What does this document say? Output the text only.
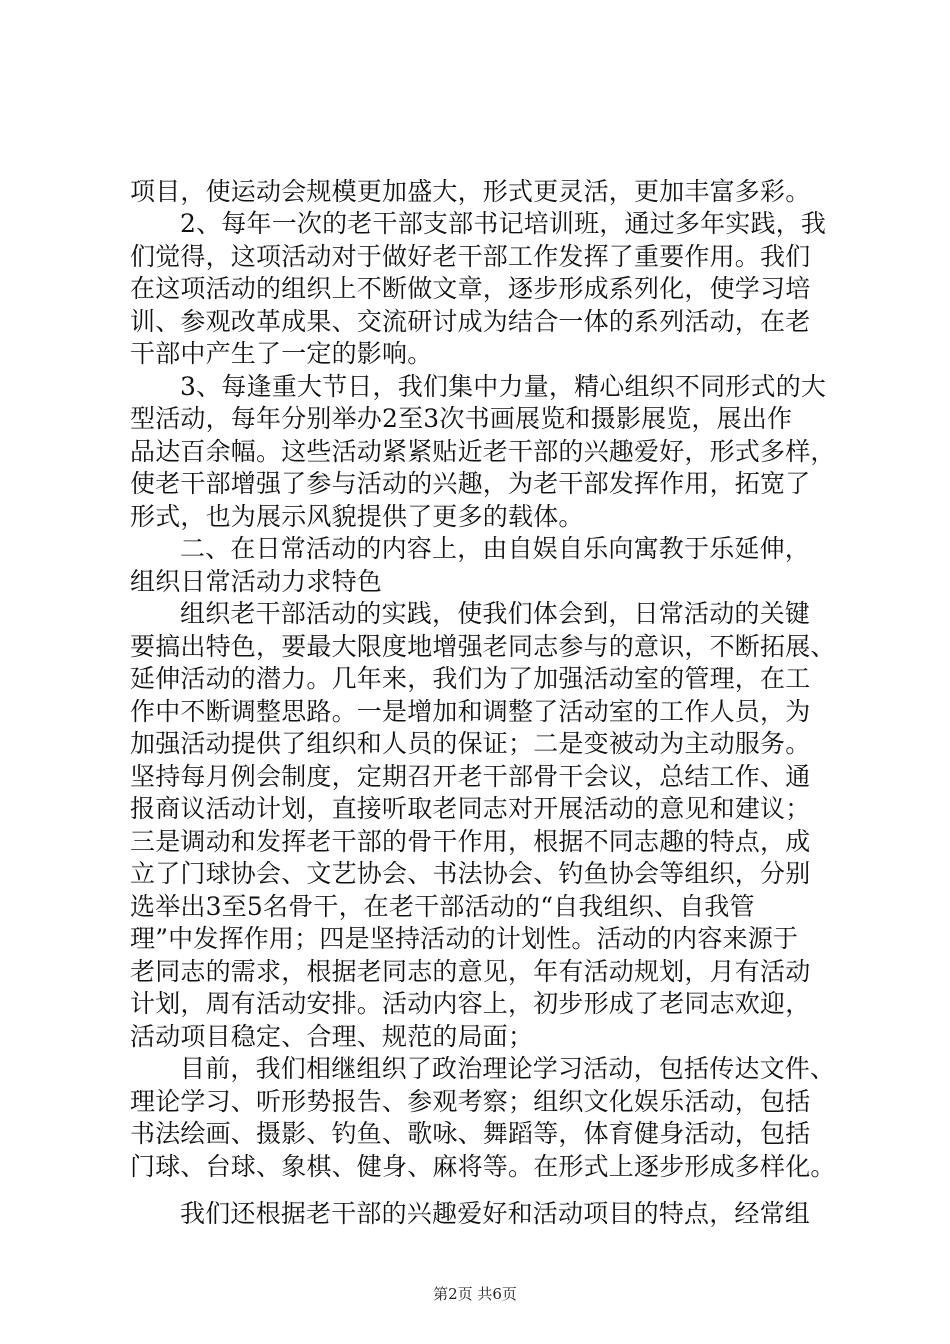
项目，使运动会规模更加盛大，形式更灵活，更加丰富多彩。
2、每年一次的老干部支部书记培训班，通过多年实践，我
们觉得，这项活动对于做好老干部工作发挥了重要作用。我们
在这项活动的组织上不断做文章，逐步形成系列化，使学习培
训、参观改革成果、交流研讨成为结合一体的系列活动，在老
干部中产生了一定的影响。
3、每逢重大节日，我们集中力量，精心组织不同形式的大
型活动，每年分别举办2至3次书画展览和摄影展览，展出作
品达百余幅。这些活动紧紧贴近老干部的兴趣爱好，形式多样，
使老干部增强了参与活动的兴趣，为老干部发挥作用，拓宽了
形式，也为展示风貌提供了更多的载体。
二、在日常活动的内容上，由自娱自乐向寓教于乐延伸，
组织日常活动力求特色
组织老干部活动的实践，使我们体会到，日常活动的关键
要搞出特色，要最大限度地增强老同志参与的意识，不断拓展、
延伸活动的潜力。几年来，我们为了加强活动室的管理，在工
作中不断调整思路。一是增加和调整了活动室的工作人员，为
加强活动提供了组织和人员的保证；二是变被动为主动服务。
坚持每月例会制度，定期召开老干部骨干会议，总结工作、通
报商议活动计划，直接听取老同志对开展活动的意见和建议；
三是调动和发挥老干部的骨干作用，根据不同志趣的特点，成
立了门球协会、文艺协会、书法协会、钓鱼协会等组织，分别
选举出3至5名骨干，在老干部活动的“自我组织、自我管
理”中发挥作用；四是坚持活动的计划性。活动的内容来源于
老同志的需求，根据老同志的意见，年有活动规划，月有活动
计划，周有活动安排。活动内容上，初步形成了老同志欢迎，
活动项目稳定、合理、规范的局面；
目前，我们相继组织了政治理论学习活动，包括传达文件、
理论学习、听形势报告、参观考察；组织文化娱乐活动，包括
书法绘画、摄影、钓鱼、歌咏、舞蹈等，体育健身活动，包括
门球、台球、象棋、健身、麻将等。在形式上逐步形成多样化。
我们还根据老干部的兴趣爱好和活动项目的特点，经常组
第2页 共6页
